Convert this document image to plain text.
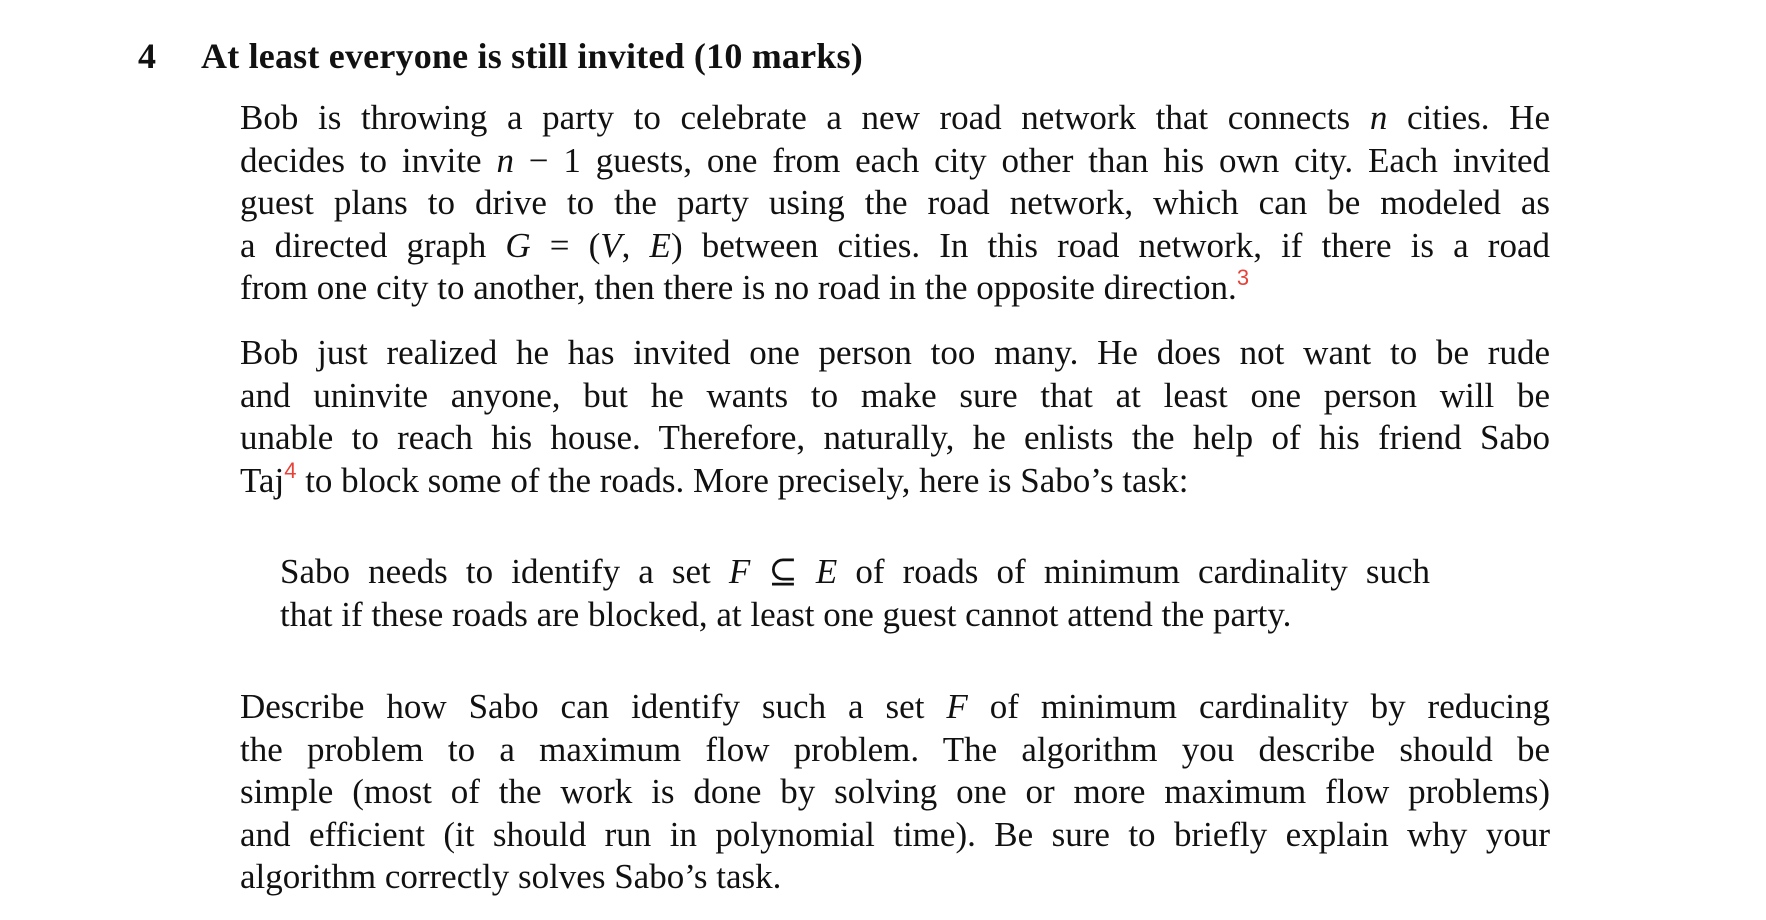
4 At least everyone is still invited (10 marks)

Bob is throwing a party to celebrate a new road network that connects n cities. He
decides to invite n − 1 guests, one from each city other than his own city. Each invited
guest plans to drive to the party using the road network, which can be modeled as
a directed graph G = (V, E) between cities. In this road network, if there is a road
from one city to another, then there is no road in the opposite direction.$^3$

Bob just realized he has invited one person too many. He does not want to be rude
and uninvite anyone, but he wants to make sure that at least one person will be
unable to reach his house. Therefore, naturally, he enlists the help of his friend Sabo
Taj$^4$ to block some of the roads. More precisely, here is Sabo’s task:

Sabo needs to identify a set F ⊆ E of roads of minimum cardinality such
that if these roads are blocked, at least one guest cannot attend the party.

Describe how Sabo can identify such a set F of minimum cardinality by reducing
the problem to a maximum flow problem. The algorithm you describe should be
simple (most of the work is done by solving one or more maximum flow problems)
and efficient (it should run in polynomial time). Be sure to briefly explain why your
algorithm correctly solves Sabo’s task.
